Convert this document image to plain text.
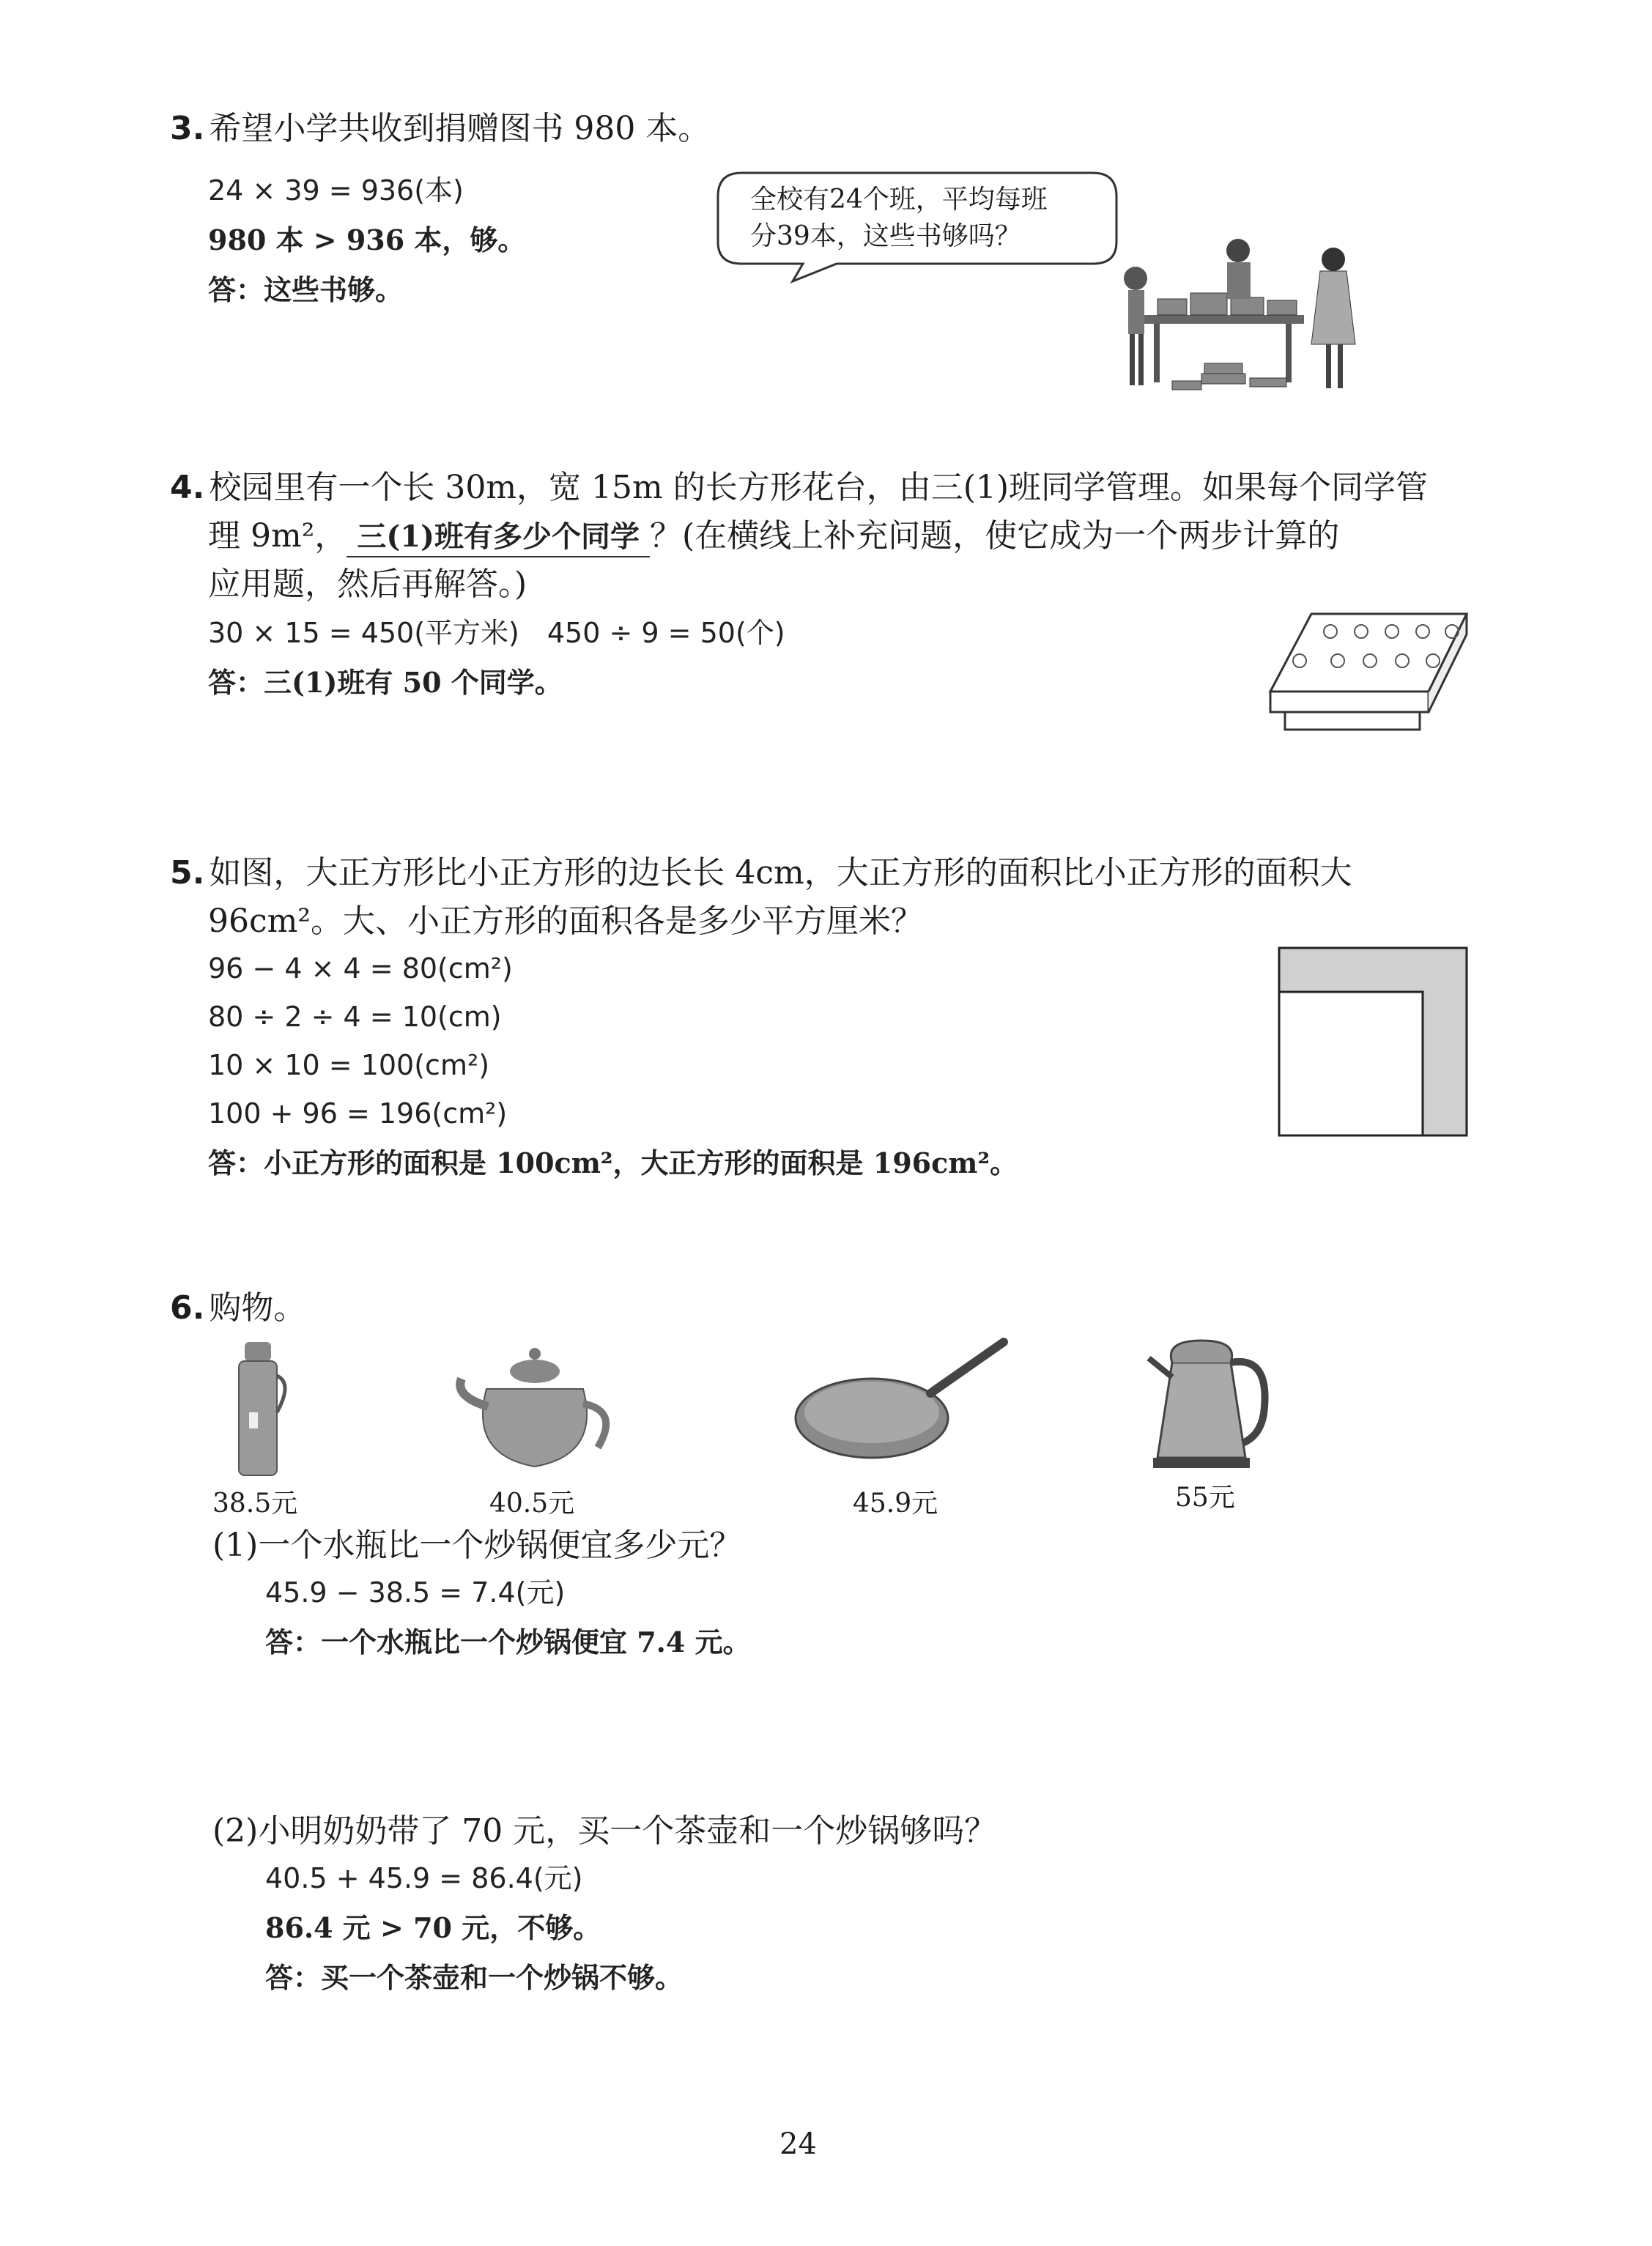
3. 希望小学共收到捐赠图书 980 本。
24 × 39 = 936(本)
980 本 > 936 本，够。
答：这些书够。
全校有24个班，平均每班
分39本，这些书够吗？
4. 校园里有一个长 30m，宽 15m 的长方形花台，由三(1)班同学管理。如果每个同学管
理 9m²， 三(1)班有多少个同学 ？(在横线上补充问题，使它成为一个两步计算的
应用题，然后再解答。)
30 × 15 = 450(平方米)　450 ÷ 9 = 50(个)
答：三(1)班有 50 个同学。
5. 如图，大正方形比小正方形的边长长 4cm，大正方形的面积比小正方形的面积大
96cm²。大、小正方形的面积各是多少平方厘米？
96 − 4 × 4 = 80(cm²)
80 ÷ 2 ÷ 4 = 10(cm)
10 × 10 = 100(cm²)
100 + 96 = 196(cm²)
答：小正方形的面积是 100cm²，大正方形的面积是 196cm²。
6. 购物。
38.5元	40.5元	45.9元	55元
(1)一个水瓶比一个炒锅便宜多少元？
45.9 − 38.5 = 7.4(元)
答：一个水瓶比一个炒锅便宜 7.4 元。
(2)小明奶奶带了 70 元，买一个茶壶和一个炒锅够吗？
40.5 + 45.9 = 86.4(元)
86.4 元 > 70 元，不够。
答：买一个茶壶和一个炒锅不够。
24
